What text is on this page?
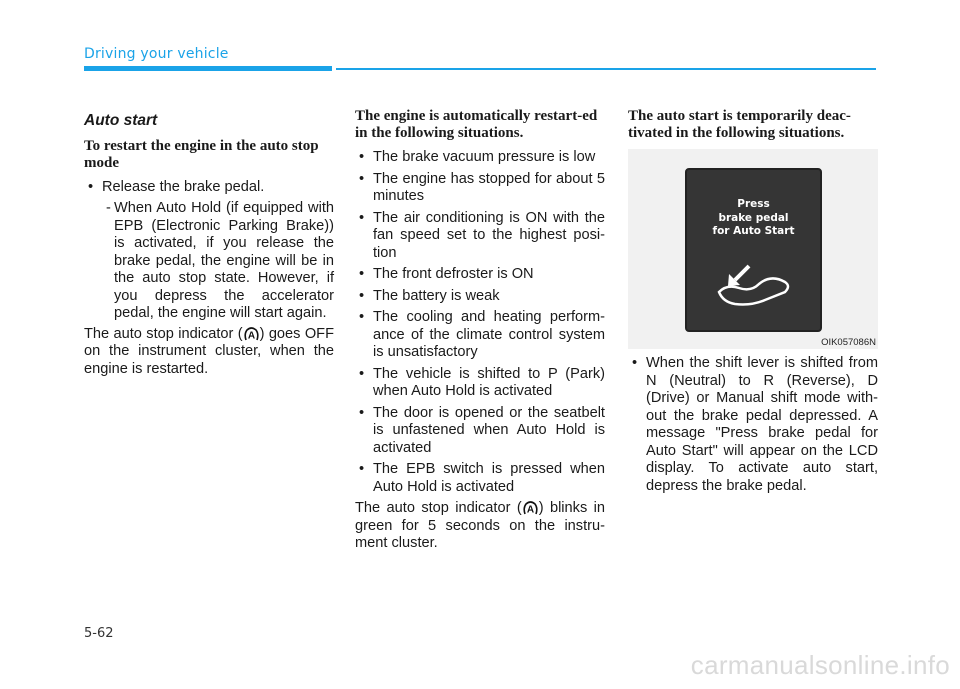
Driving your vehicle
Auto start
To restart the engine in the auto stop mode
• Release the brake pedal.
- When Auto Hold (if equipped with EPB (Electronic Parking Brake)) is activated, if you release the brake pedal, the engine will be in the auto stop state. However, if you depress the accelerator pedal, the engine will start again.

The auto stop indicator ( A ) goes OFF on the instrument cluster, when the engine is restarted.

The engine is automatically restart-ed in the following situations.
• The brake vacuum pressure is low
• The engine has stopped for about 5 minutes
• The air conditioning is ON with the fan speed set to the highest posi-tion
• The front defroster is ON
• The battery is weak
• The cooling and heating perform-ance of the climate control system is unsatisfactory
• The vehicle is shifted to P (Park) when Auto Hold is activated
• The door is opened or the seatbelt is unfastened when Auto Hold is activated
• The EPB switch is pressed when Auto Hold is activated

The auto stop indicator ( A ) blinks in green for 5 seconds on the instru-ment cluster.

The auto start is temporarily deac-tivated in the following situations.
Press
brake pedal
for Auto Start
OIK057086N
• When the shift lever is shifted from N (Neutral) to R (Reverse), D (Drive) or Manual shift mode with-out the brake pedal depressed. A message "Press brake pedal for Auto Start" will appear on the LCD display. To activate auto start, depress the brake pedal.
5-62
carmanualsonline.info
